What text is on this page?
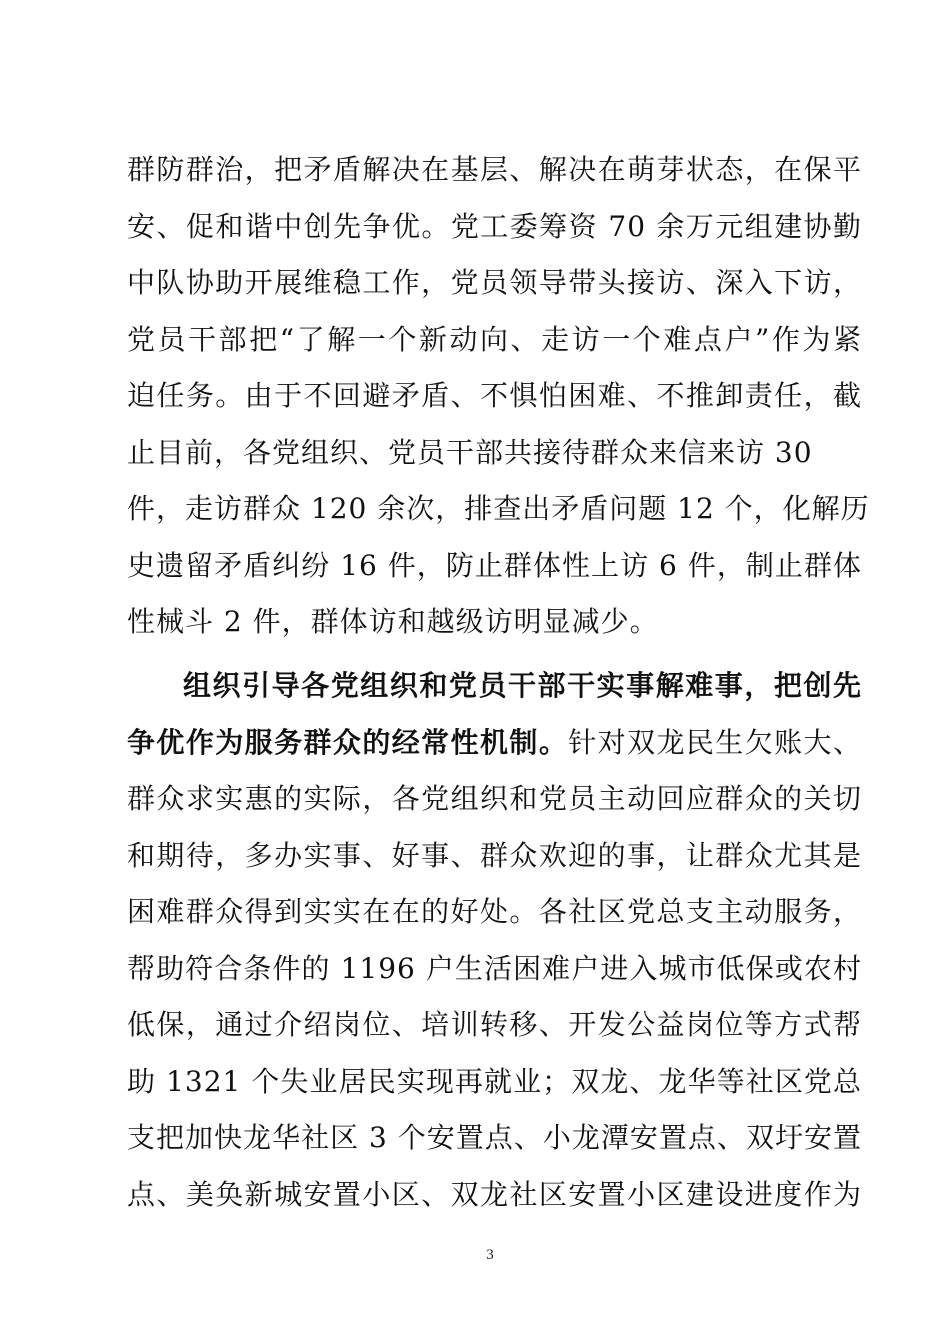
群防群治，把矛盾解决在基层、解决在萌芽状态，在保平
安、促和谐中创先争优。党工委筹资 70 余万元组建协勤
中队协助开展维稳工作，党员领导带头接访、深入下访，
党员干部把“了解一个新动向、走访一个难点户”作为紧
迫任务。由于不回避矛盾、不惧怕困难、不推卸责任，截
止目前，各党组织、党员干部共接待群众来信来访 30
件，走访群众 120 余次，排查出矛盾问题 12 个，化解历
史遗留矛盾纠纷 16 件，防止群体性上访 6 件，制止群体
性械斗 2 件，群体访和越级访明显减少。
组织引导各党组织和党员干部干实事解难事，把创先
争优作为服务群众的经常性机制。针对双龙民生欠账大、
群众求实惠的实际，各党组织和党员主动回应群众的关切
和期待，多办实事、好事、群众欢迎的事，让群众尤其是
困难群众得到实实在在的好处。各社区党总支主动服务，
帮助符合条件的 1196 户生活困难户进入城市低保或农村
低保，通过介绍岗位、培训转移、开发公益岗位等方式帮
助 1321 个失业居民实现再就业；双龙、龙华等社区党总
支把加快龙华社区 3 个安置点、小龙潭安置点、双圩安置
点、美奂新城安置小区、双龙社区安置小区建设进度作为
3
